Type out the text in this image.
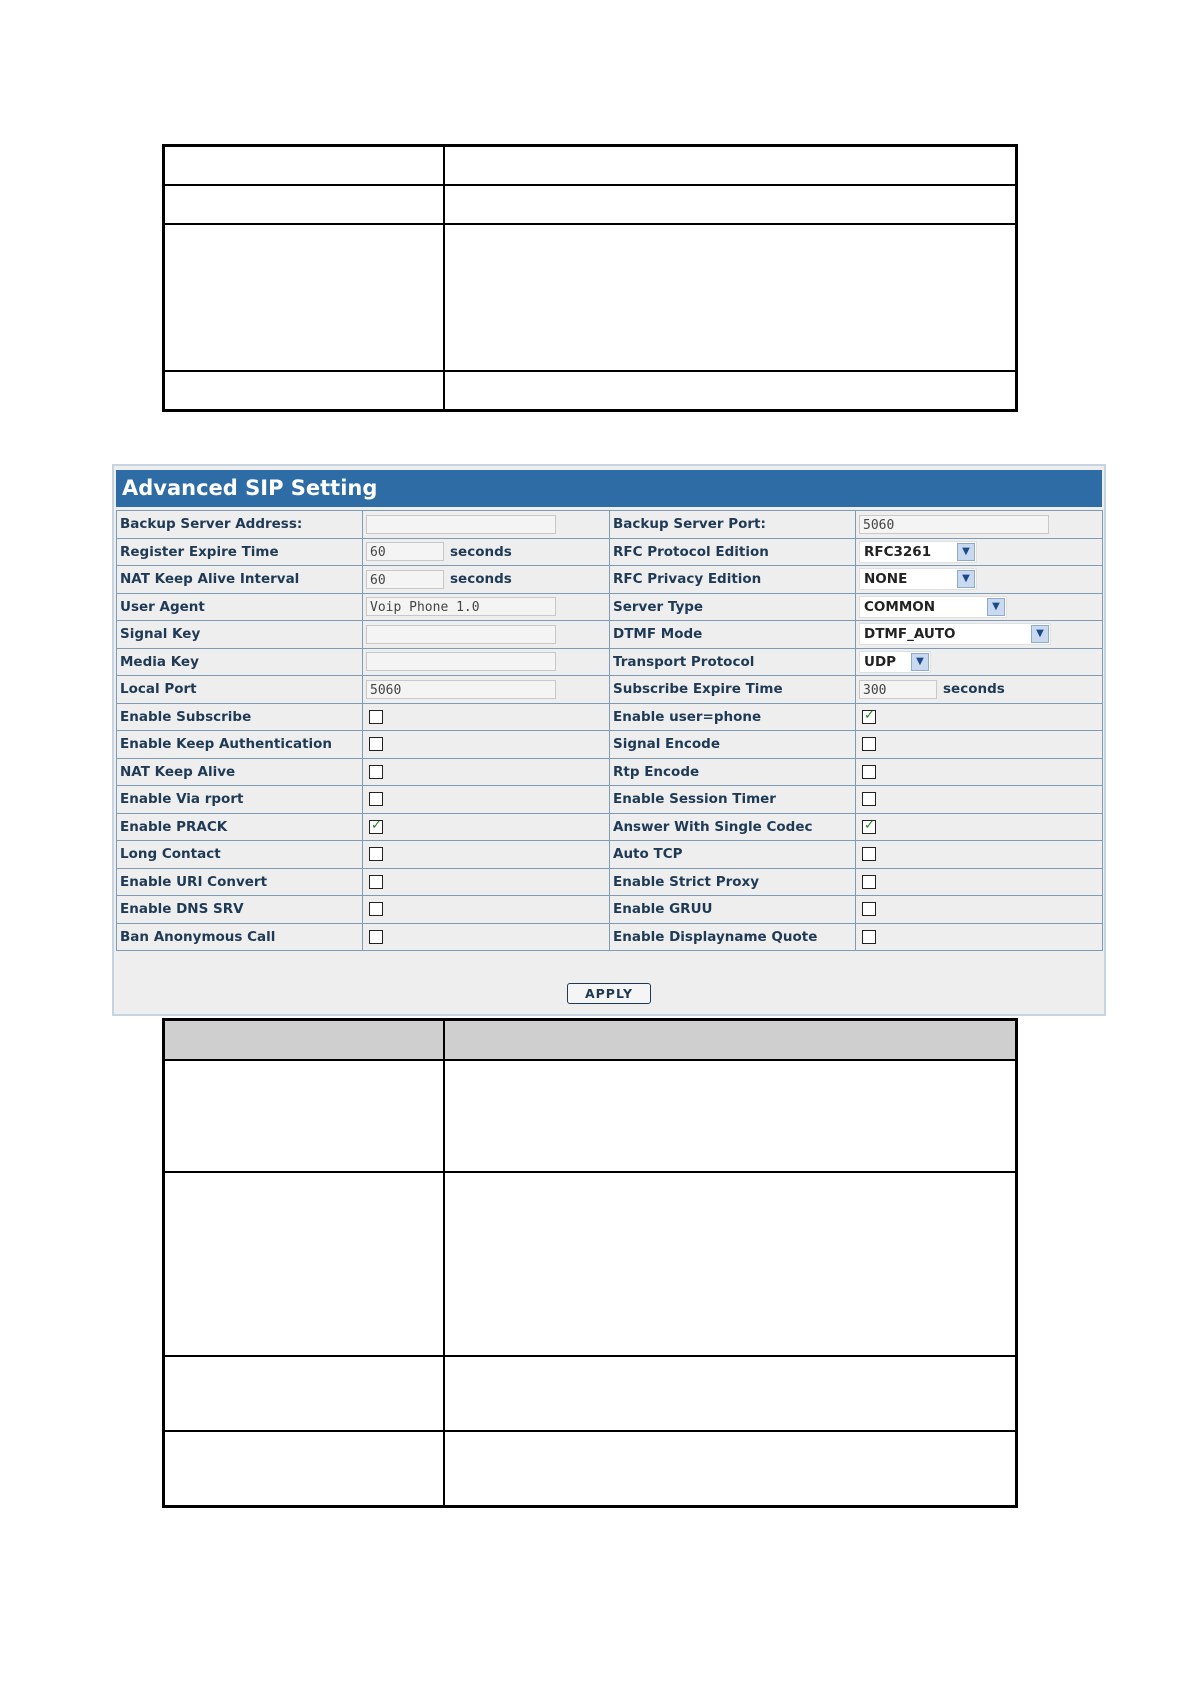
Advanced SIP Setting
Backup Server Address:		Backup Server Port:	5060
Register Expire Time	60 seconds	RFC Protocol Edition	RFC3261 ▼

NAT Keep Alive Interval	60 seconds	RFC Privacy Edition	NONE ▼

User Agent	Voip Phone 1.0	Server Type	COMMON ▼

Signal Key		DTMF Mode	DTMF_AUTO ▼

Media Key		Transport Protocol	UDP ▼

Local Port	5060	Subscribe Expire Time	300 seconds
Enable Subscribe		Enable user=phone	✓
Enable Keep Authentication		Signal Encode	
NAT Keep Alive		Rtp Encode	
Enable Via rport		Enable Session Timer	
Enable PRACK	✓	Answer With Single Codec	✓
Long Contact		Auto TCP	
Enable URI Convert		Enable Strict Proxy	
Enable DNS SRV		Enable GRUU	
Ban Anonymous Call		Enable Displayname Quote	
APPLY
